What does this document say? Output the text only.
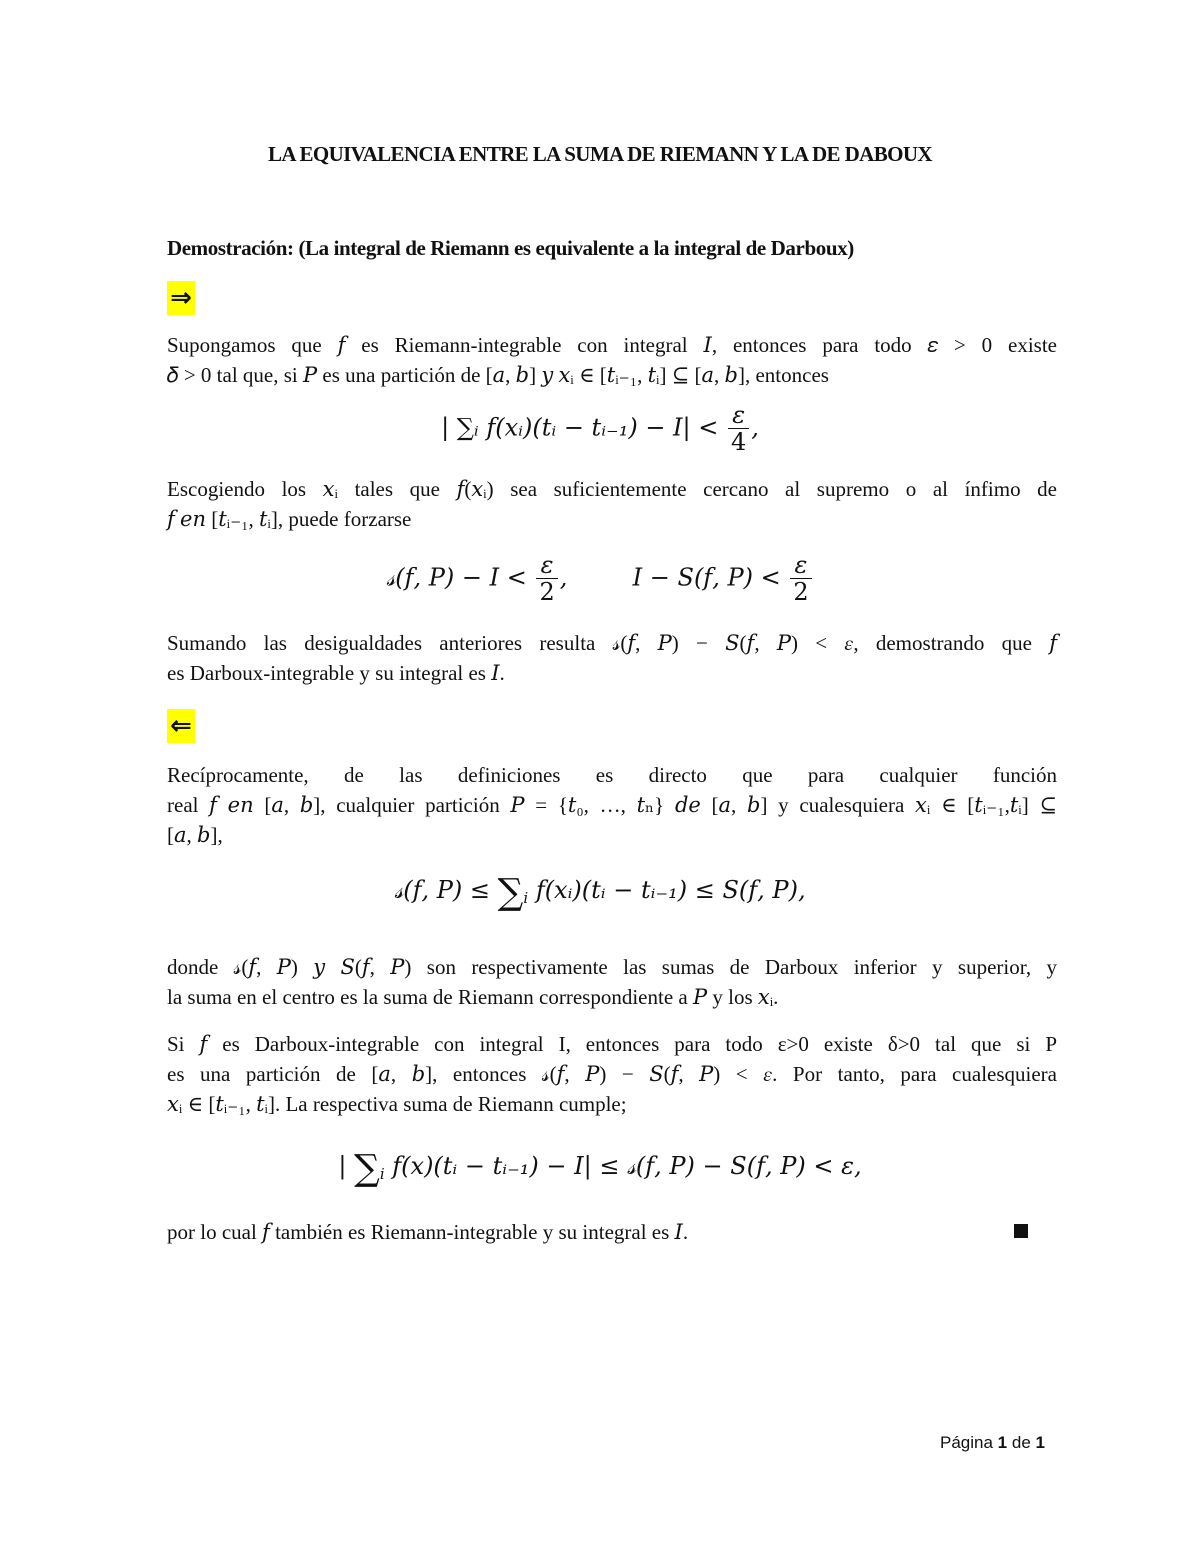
LA EQUIVALENCIA ENTRE LA SUMA DE RIEMANN Y LA DE DABOUX
Demostración: (La integral de Riemann es equivalente a la integral de Darboux)
⇒
Supongamos que 𝑓 es Riemann-integrable con integral 𝐼, entonces para todo 𝜀 > 0 existe
𝛿 > 0 tal que, si 𝑃 es una partición de [𝑎, 𝑏] 𝑦 𝑥ᵢ ∈ [𝑡ᵢ₋₁, 𝑡ᵢ] ⊆ [𝑎, 𝑏], entonces
| ∑ᵢ 𝑓(𝑥ᵢ)(𝑡ᵢ − 𝑡ᵢ₋₁) − 𝐼| < $\frac{\varepsilon}{4}$ ,
Escogiendo los 𝑥ᵢ tales que 𝑓(𝑥ᵢ) sea suficientemente cercano al supremo o al ínfimo de
𝑓 𝑒𝑛 [𝑡ᵢ₋₁, 𝑡ᵢ], puede forzarse
𝓈(𝑓, 𝑃) − 𝐼 < $\frac{\varepsilon}{2}$ ,	𝐼 − 𝑆(𝑓, 𝑃) < $\frac{\varepsilon}{2}$
Sumando las desigualdades anteriores resulta 𝓈(𝑓, 𝑃) − 𝑆(𝑓, 𝑃) < 𝜀, demostrando que 𝑓
es Darboux-integrable y su integral es 𝐼.
⇐
Recíprocamente, de las definiciones es directo que para cualquier función
real 𝑓 𝑒𝑛 [𝑎, 𝑏], cualquier partición 𝑃 = {𝑡₀, …, 𝑡ₙ} 𝑑𝑒 [𝑎, 𝑏] y cualesquiera 𝑥ᵢ ∈ [𝑡ᵢ₋₁,𝑡ᵢ] ⊆
[𝑎, 𝑏],
𝓈(𝑓, 𝑃) ≤ $\sum_i$ 𝑓(𝑥ᵢ)(𝑡ᵢ − 𝑡ᵢ₋₁) ≤ 𝑆(𝑓, 𝑃),
donde 𝓈(𝑓, 𝑃) 𝑦 𝑆(𝑓, 𝑃) son respectivamente las sumas de Darboux inferior y superior, y
la suma en el centro es la suma de Riemann correspondiente a 𝑃 y los 𝑥ᵢ.
Si 𝑓 es Darboux-integrable con integral I, entonces para todo ε>0 existe δ>0 tal que si P
es una partición de [𝑎, 𝑏], entonces 𝓈(𝑓, 𝑃) − 𝑆(𝑓, 𝑃) < 𝜀. Por tanto, para cualesquiera
𝑥ᵢ ∈ [𝑡ᵢ₋₁, 𝑡ᵢ]. La respectiva suma de Riemann cumple;
| $\sum_i$ 𝑓(𝑥)(𝑡ᵢ − 𝑡ᵢ₋₁) − 𝐼| ≤ 𝓈(𝑓, 𝑃) − 𝑆(𝑓, 𝑃) < 𝜀,
por lo cual 𝑓 también es Riemann-integrable y su integral es 𝐼.
Página 1 de 1
